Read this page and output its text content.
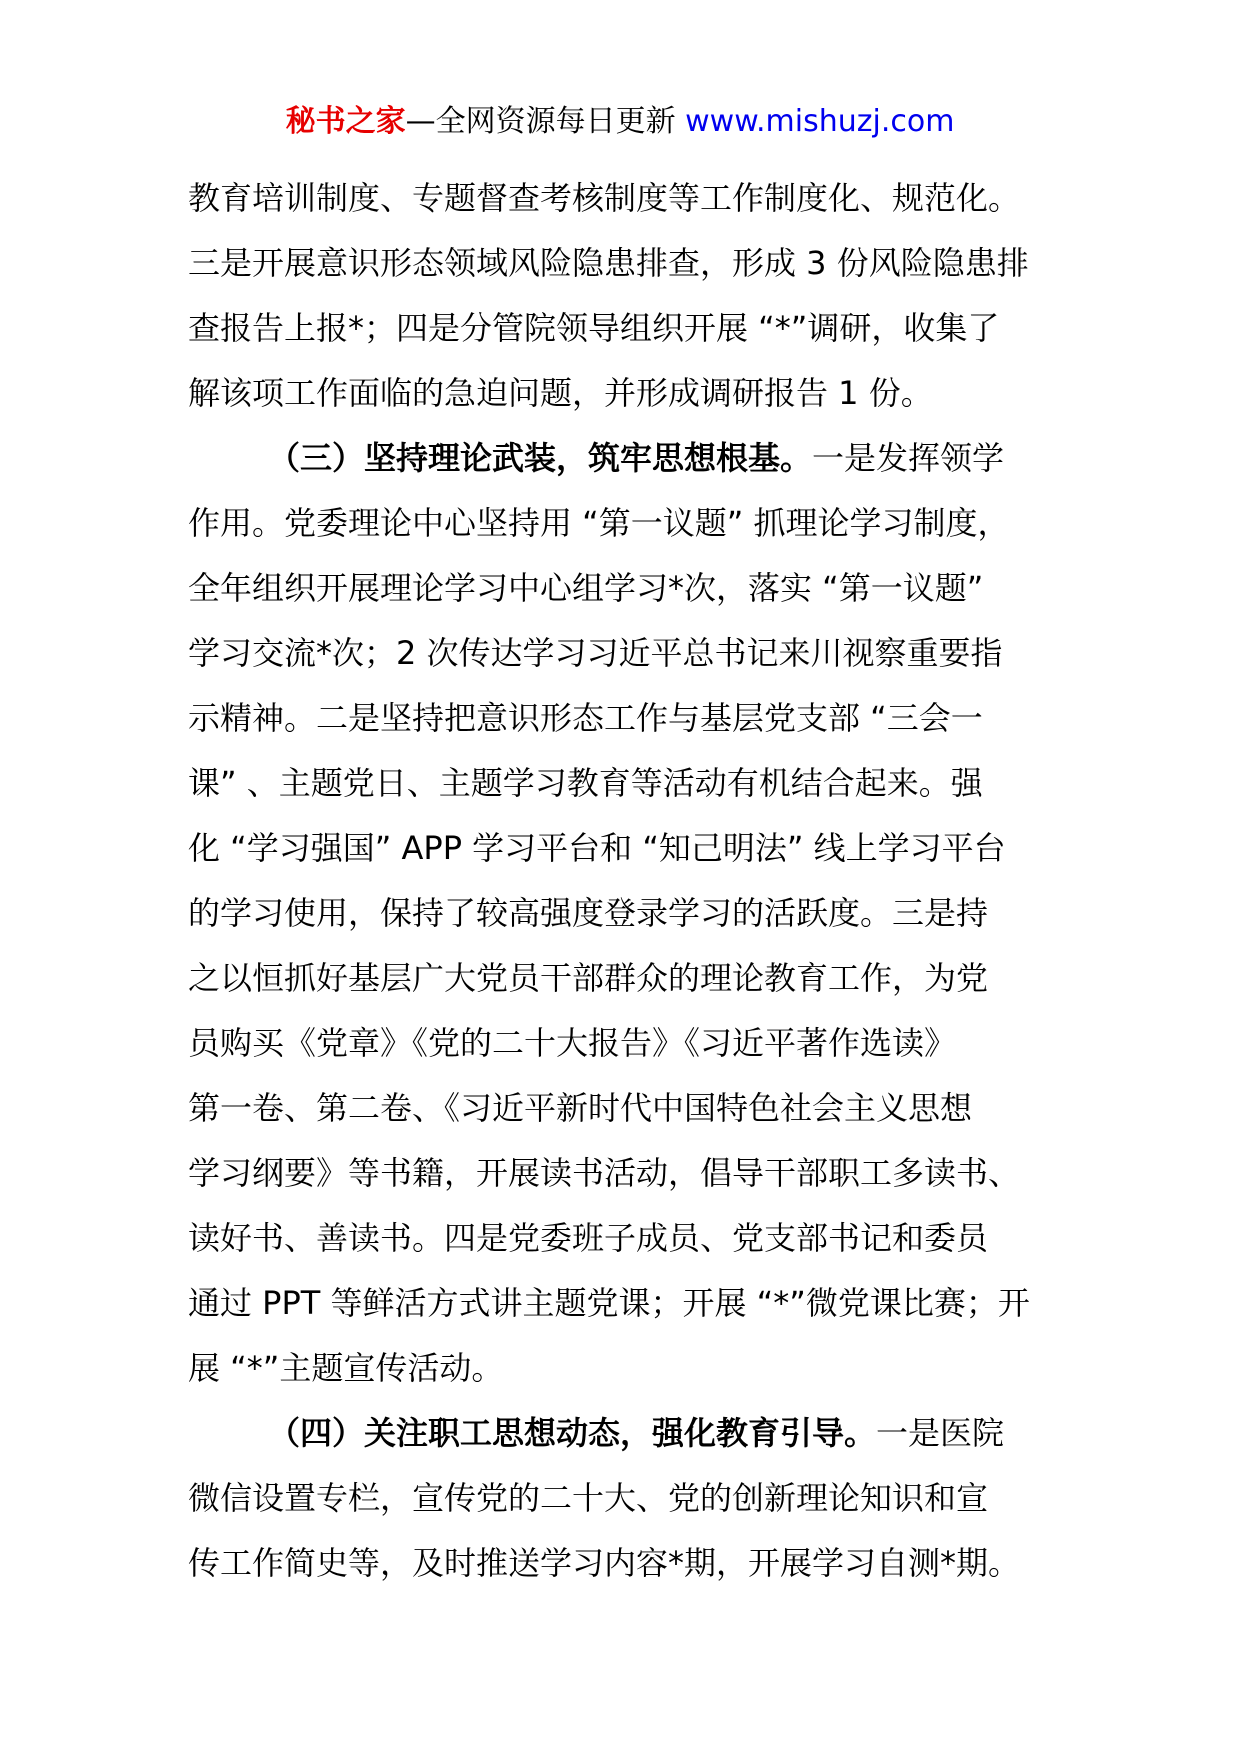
秘书之家—全网资源每日更新 www.mishuzj.com
教育培训制度、专题督查考核制度等工作制度化、规范化。
三是开展意识形态领域风险隐患排查，形成 3 份风险隐患排
查报告上报*；四是分管院领导组织开展 “*”调研，收集了
解该项工作面临的急迫问题，并形成调研报告 1 份。
（三）坚持理论武装，筑牢思想根基。一是发挥领学
作用。党委理论中心坚持用 “第一议题” 抓理论学习制度，
全年组织开展理论学习中心组学习*次，落实 “第一议题”
学习交流*次；2 次传达学习习近平总书记来川视察重要指
示精神。二是坚持把意识形态工作与基层党支部 “三会一
课” 、主题党日、主题学习教育等活动有机结合起来。强
化 “学习强国” APP 学习平台和 “知己明法” 线上学习平台
的学习使用，保持了较高强度登录学习的活跃度。三是持
之以恒抓好基层广大党员干部群众的理论教育工作，为党
员购买《党章》《党的二十大报告》《习近平著作选读》
第一卷、第二卷、《习近平新时代中国特色社会主义思想
学习纲要》等书籍，开展读书活动，倡导干部职工多读书、
读好书、善读书。四是党委班子成员、党支部书记和委员
通过 PPT 等鲜活方式讲主题党课；开展 “*”微党课比赛；开
展 “*”主题宣传活动。
（四）关注职工思想动态，强化教育引导。一是医院
微信设置专栏，宣传党的二十大、党的创新理论知识和宣
传工作简史等，及时推送学习内容*期，开展学习自测*期。
